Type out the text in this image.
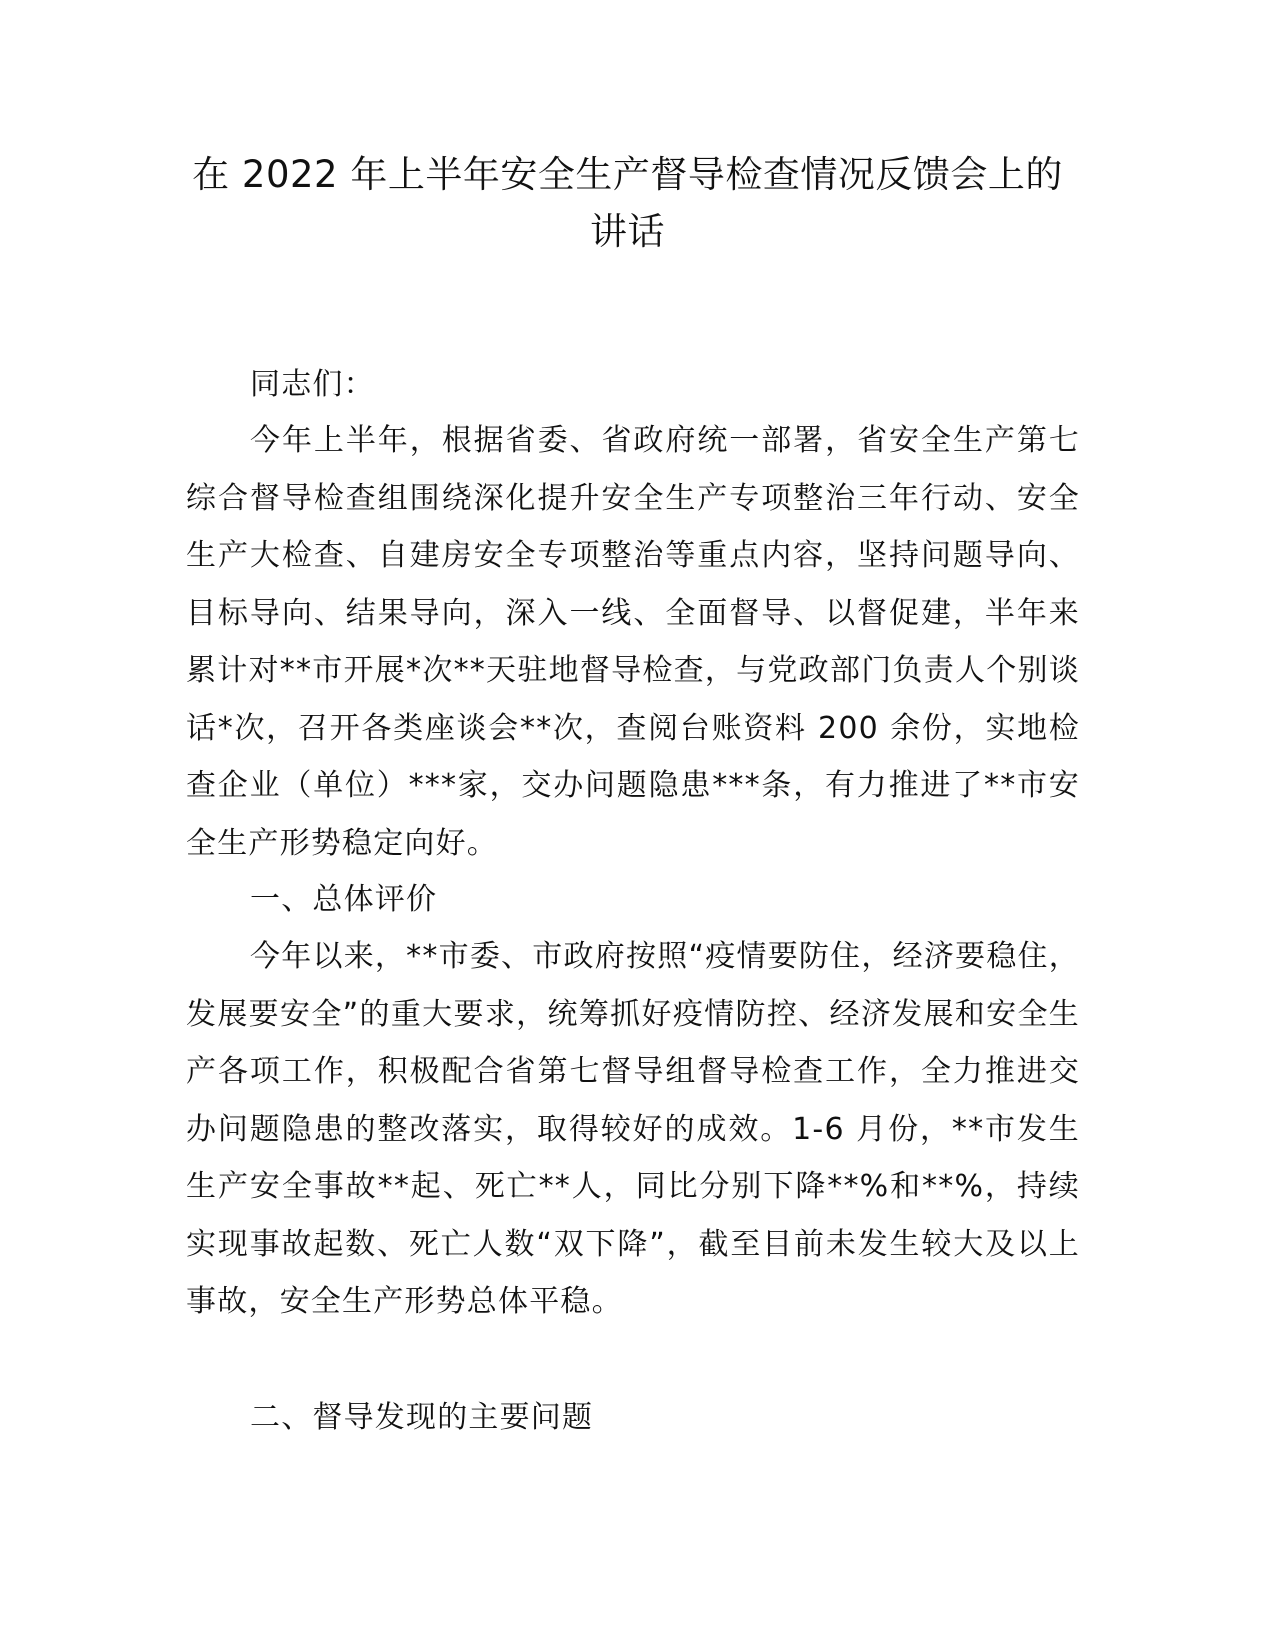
在 2022 年上半年安全生产督导检查情况反馈会上的讲话

同志们：

今年上半年，根据省委、省政府统一部署，省安全生产第七综合督导检查组围绕深化提升安全生产专项整治三年行动、安全生产大检查、自建房安全专项整治等重点内容，坚持问题导向、目标导向、结果导向，深入一线、全面督导、以督促建，半年来累计对**市开展*次**天驻地督导检查，与党政部门负责人个别谈话*次，召开各类座谈会**次，查阅台账资料 200 余份，实地检查企业（单位）***家，交办问题隐患***条，有力推进了**市安全生产形势稳定向好。

一、总体评价

今年以来，**市委、市政府按照“疫情要防住，经济要稳住，发展要安全”的重大要求，统筹抓好疫情防控、经济发展和安全生产各项工作，积极配合省第七督导组督导检查工作，全力推进交办问题隐患的整改落实，取得较好的成效。1-6 月份，**市发生生产安全事故**起、死亡**人，同比分别下降**%和**%，持续实现事故起数、死亡人数“双下降”，截至目前未发生较大及以上事故，安全生产形势总体平稳。

二、督导发现的主要问题
